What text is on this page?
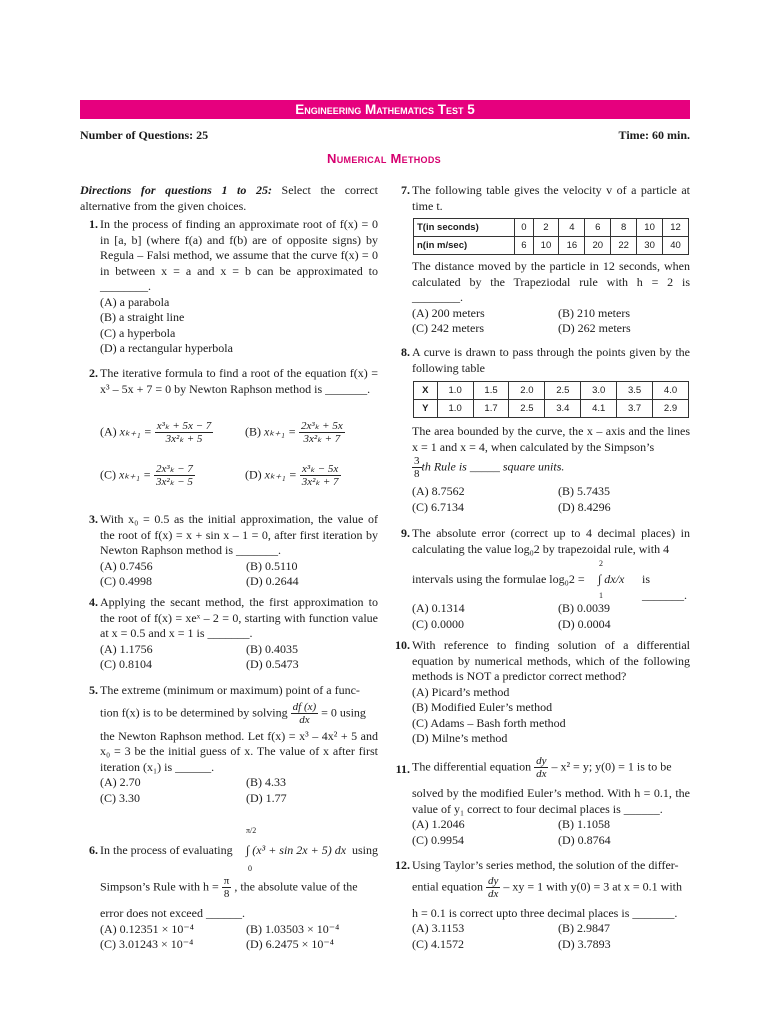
Engineering Mathematics Test 5
Number of Questions: 25	Time: 60 min.
Numerical Methods
Directions for questions 1 to 25: Select the correct alternative from the given choices.
1. In the process of finding an approximate root of f(x) = 0 in [a, b] (where f(a) and f(b) are of opposite signs) by Regula – Falsi method, we assume that the curve f(x) = 0 in between x = a and x = b can be approximated to ________.
(A) a parabola
(B) a straight line
(C) a hyperbola
(D) a rectangular hyperbola
2. The iterative formula to find a root of the equation f(x) = x³ – 5x + 7 = 0 by Newton Raphson method is _______.
(A) $x_{k+1} = \frac{\text{x³ₖ + 5x − 7}}{\text{3x²ₖ + 5}}$	(B) $x_{k+1} = \frac{\text{2x³ₖ + 5x}}{\text{3x²ₖ + 7}}$
(C) $x_{k+1} = \frac{\text{2x³ₖ − 7}}{\text{3x²ₖ − 5}}$	(D) $x_{k+1} = \frac{\text{x³ₖ − 5x}}{\text{3x²ₖ + 7}}$
3. With x₀ = 0.5 as the initial approximation, the value of the root of f(x) = x + sin x – 1 = 0, after first iteration by Newton Raphson method is _______.
(A) 0.7456	(B) 0.5110
(C) 0.4998	(D) 0.2644
4. Applying the secant method, the first approximation to the root of f(x) = xeˣ – 2 = 0, starting with function value at x = 0.5 and x = 1 is _______.
(A) 1.1756	(B) 0.4035
(C) 0.8104	(D) 0.5473
5. The extreme (minimum or maximum) point of a func-
tion f(x) is to be determined by solving $\frac{df (x)}{dx} = 0$ using
the Newton Raphson method. Let f(x) = x³ – 4x² + 5 and x₀ = 3 be the initial guess of x. The value of x after first iteration (x₁) is ______.
(A) 2.70	(B) 4.33
(C) 3.30	(D) 1.77
6. In the process of evaluating
π/2
∫ (x³ + sin 2x + 5) dx
0
using
Simpson’s Rule with $h = \frac{\pi}{8}$ , the absolute value of the
error does not exceed ______.
(A) 0.12351 × 10⁻⁴	(B) 1.03503 × 10⁻⁴
(C) 3.01243 × 10⁻⁴	(D) 6.2475 × 10⁻⁴
7. The following table gives the velocity v of a particle at time t.
T(in seconds)	0	2	4	6	8	10	12
n(in m/sec)	6	10	16	20	22	30	40
The distance moved by the particle in 12 seconds, when calculated by the Trapeziodal rule with h = 2 is ________.
(A) 200 meters	(B) 210 meters
(C) 242 meters	(D) 262 meters
8. A curve is drawn to pass through the points given by the following table
X	1.0	1.5	2.0	2.5	3.0	3.5	4.0
Y	1.0	1.7	2.5	3.4	4.1	3.7	2.9
The area bounded by the curve, the x – axis and the lines x = 1 and x = 4, when calculated by the Simpson’s
$\frac{3}{8}$ th Rule is _____ square units.
(A) 8.7562	(B) 5.7435
(C) 6.7134	(D) 8.4296
9. The absolute error (correct up to 4 decimal places) in calculating the value log₀2 by trapezoidal rule, with 4
intervals using the formulae log₀2 =
2
∫ dx/x
1
is _______.
(A) 0.1314	(B) 0.0039
(C) 0.0000	(D) 0.0004
10. With reference to finding solution of a differential equation by numerical methods, which of the following methods is NOT a predictor correct method?
(A) Picard’s method
(B) Modified Euler’s method
(C) Adams – Bash forth method
(D) Milne’s method
11. The differential equation $\frac{dy}{dx} - x^2 = y$; y(0) = 1 is to be
solved by the modified Euler’s method. With h = 0.1, the value of y₁ correct to four decimal places is ______.
(A) 1.2046	(B) 1.1058
(C) 0.9954	(D) 0.8764
12. Using Taylor’s series method, the solution of the differ-
ential equation $\frac{dy}{dx}$ – xy = 1 with y(0) = 3 at x = 0.1 with
h = 0.1 is correct upto three decimal places is _______.
(A) 3.1153	(B) 2.9847
(C) 4.1572	(D) 3.7893
